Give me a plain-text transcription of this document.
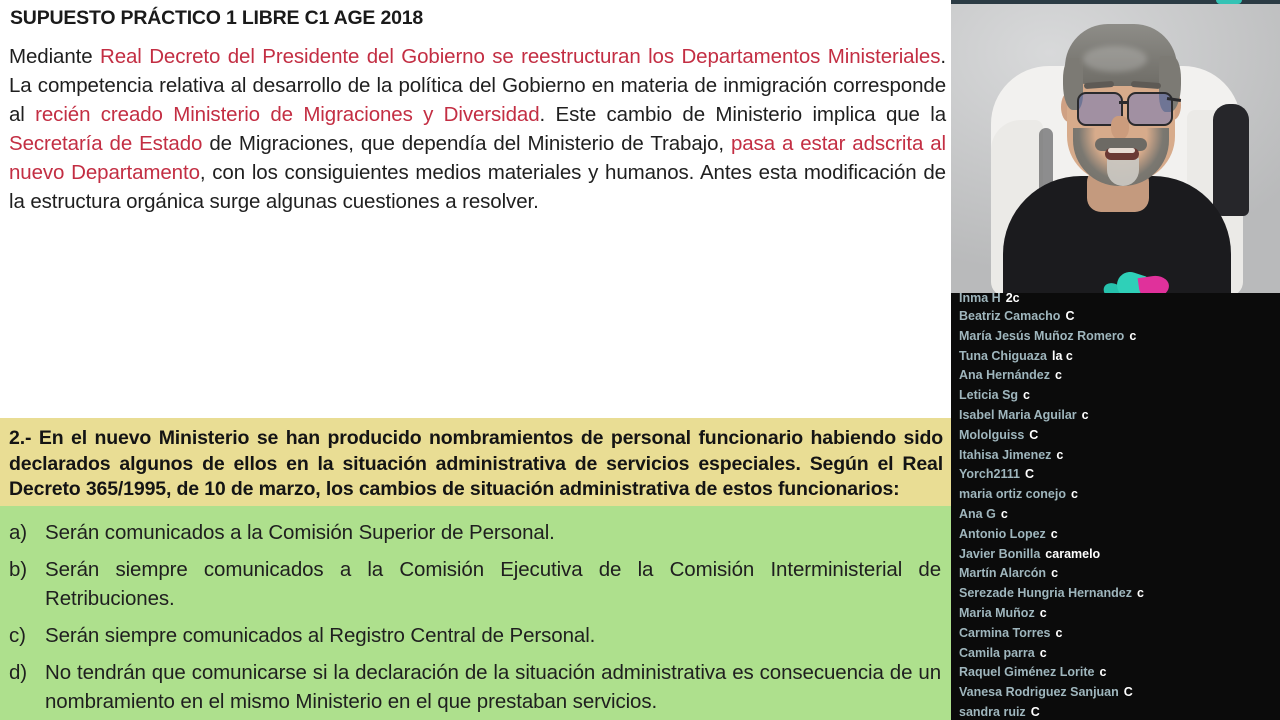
SUPUESTO PRÁCTICO 1 LIBRE C1 AGE 2018
Mediante Real Decreto del Presidente del Gobierno se reestructuran los Departamentos Ministeriales. La competencia relativa al desarrollo de la política del Gobierno en materia de inmigración corresponde al recién creado Ministerio de Migraciones y Diversidad. Este cambio de Ministerio implica que la Secretaría de Estado de Migraciones, que dependía del Ministerio de Trabajo, pasa a estar adscrita al nuevo Departamento, con los consiguientes medios materiales y humanos. Antes esta modificación de la estructura orgánica surge algunas cuestiones a resolver.
2.- En el nuevo Ministerio se han producido nombramientos de personal funcionario habiendo sido declarados algunos de ellos en la situación administrativa de servicios especiales. Según el Real Decreto 365/1995, de 10 de marzo, los cambios de situación administrativa de estos funcionarios:
a) Serán comunicados a la Comisión Superior de Personal.
b) Serán siempre comunicados a la Comisión Ejecutiva de la Comisión Interministerial de Retribuciones.
c) Serán siempre comunicados al Registro Central de Personal.
d) No tendrán que comunicarse si la declaración de la situación administrativa es consecuencia de un nombramiento en el mismo Ministerio en el que prestaban servicios.
Inma H 2c
Beatriz Camacho C
María Jesús Muñoz Romero c
Tuna Chiguaza la c
Ana Hernández c
Leticia Sg c
Isabel Maria Aguilar c
Mololguiss C
Itahisa Jimenez c
Yorch2111 C
maria ortiz conejo c
Ana G c
Antonio Lopez c
Javier Bonilla caramelo
Martín Alarcón c
Serezade Hungria Hernandez c
Maria Muñoz c
Carmina Torres c
Camila parra c
Raquel Giménez Lorite c
Vanesa Rodriguez Sanjuan C
sandra ruiz C
